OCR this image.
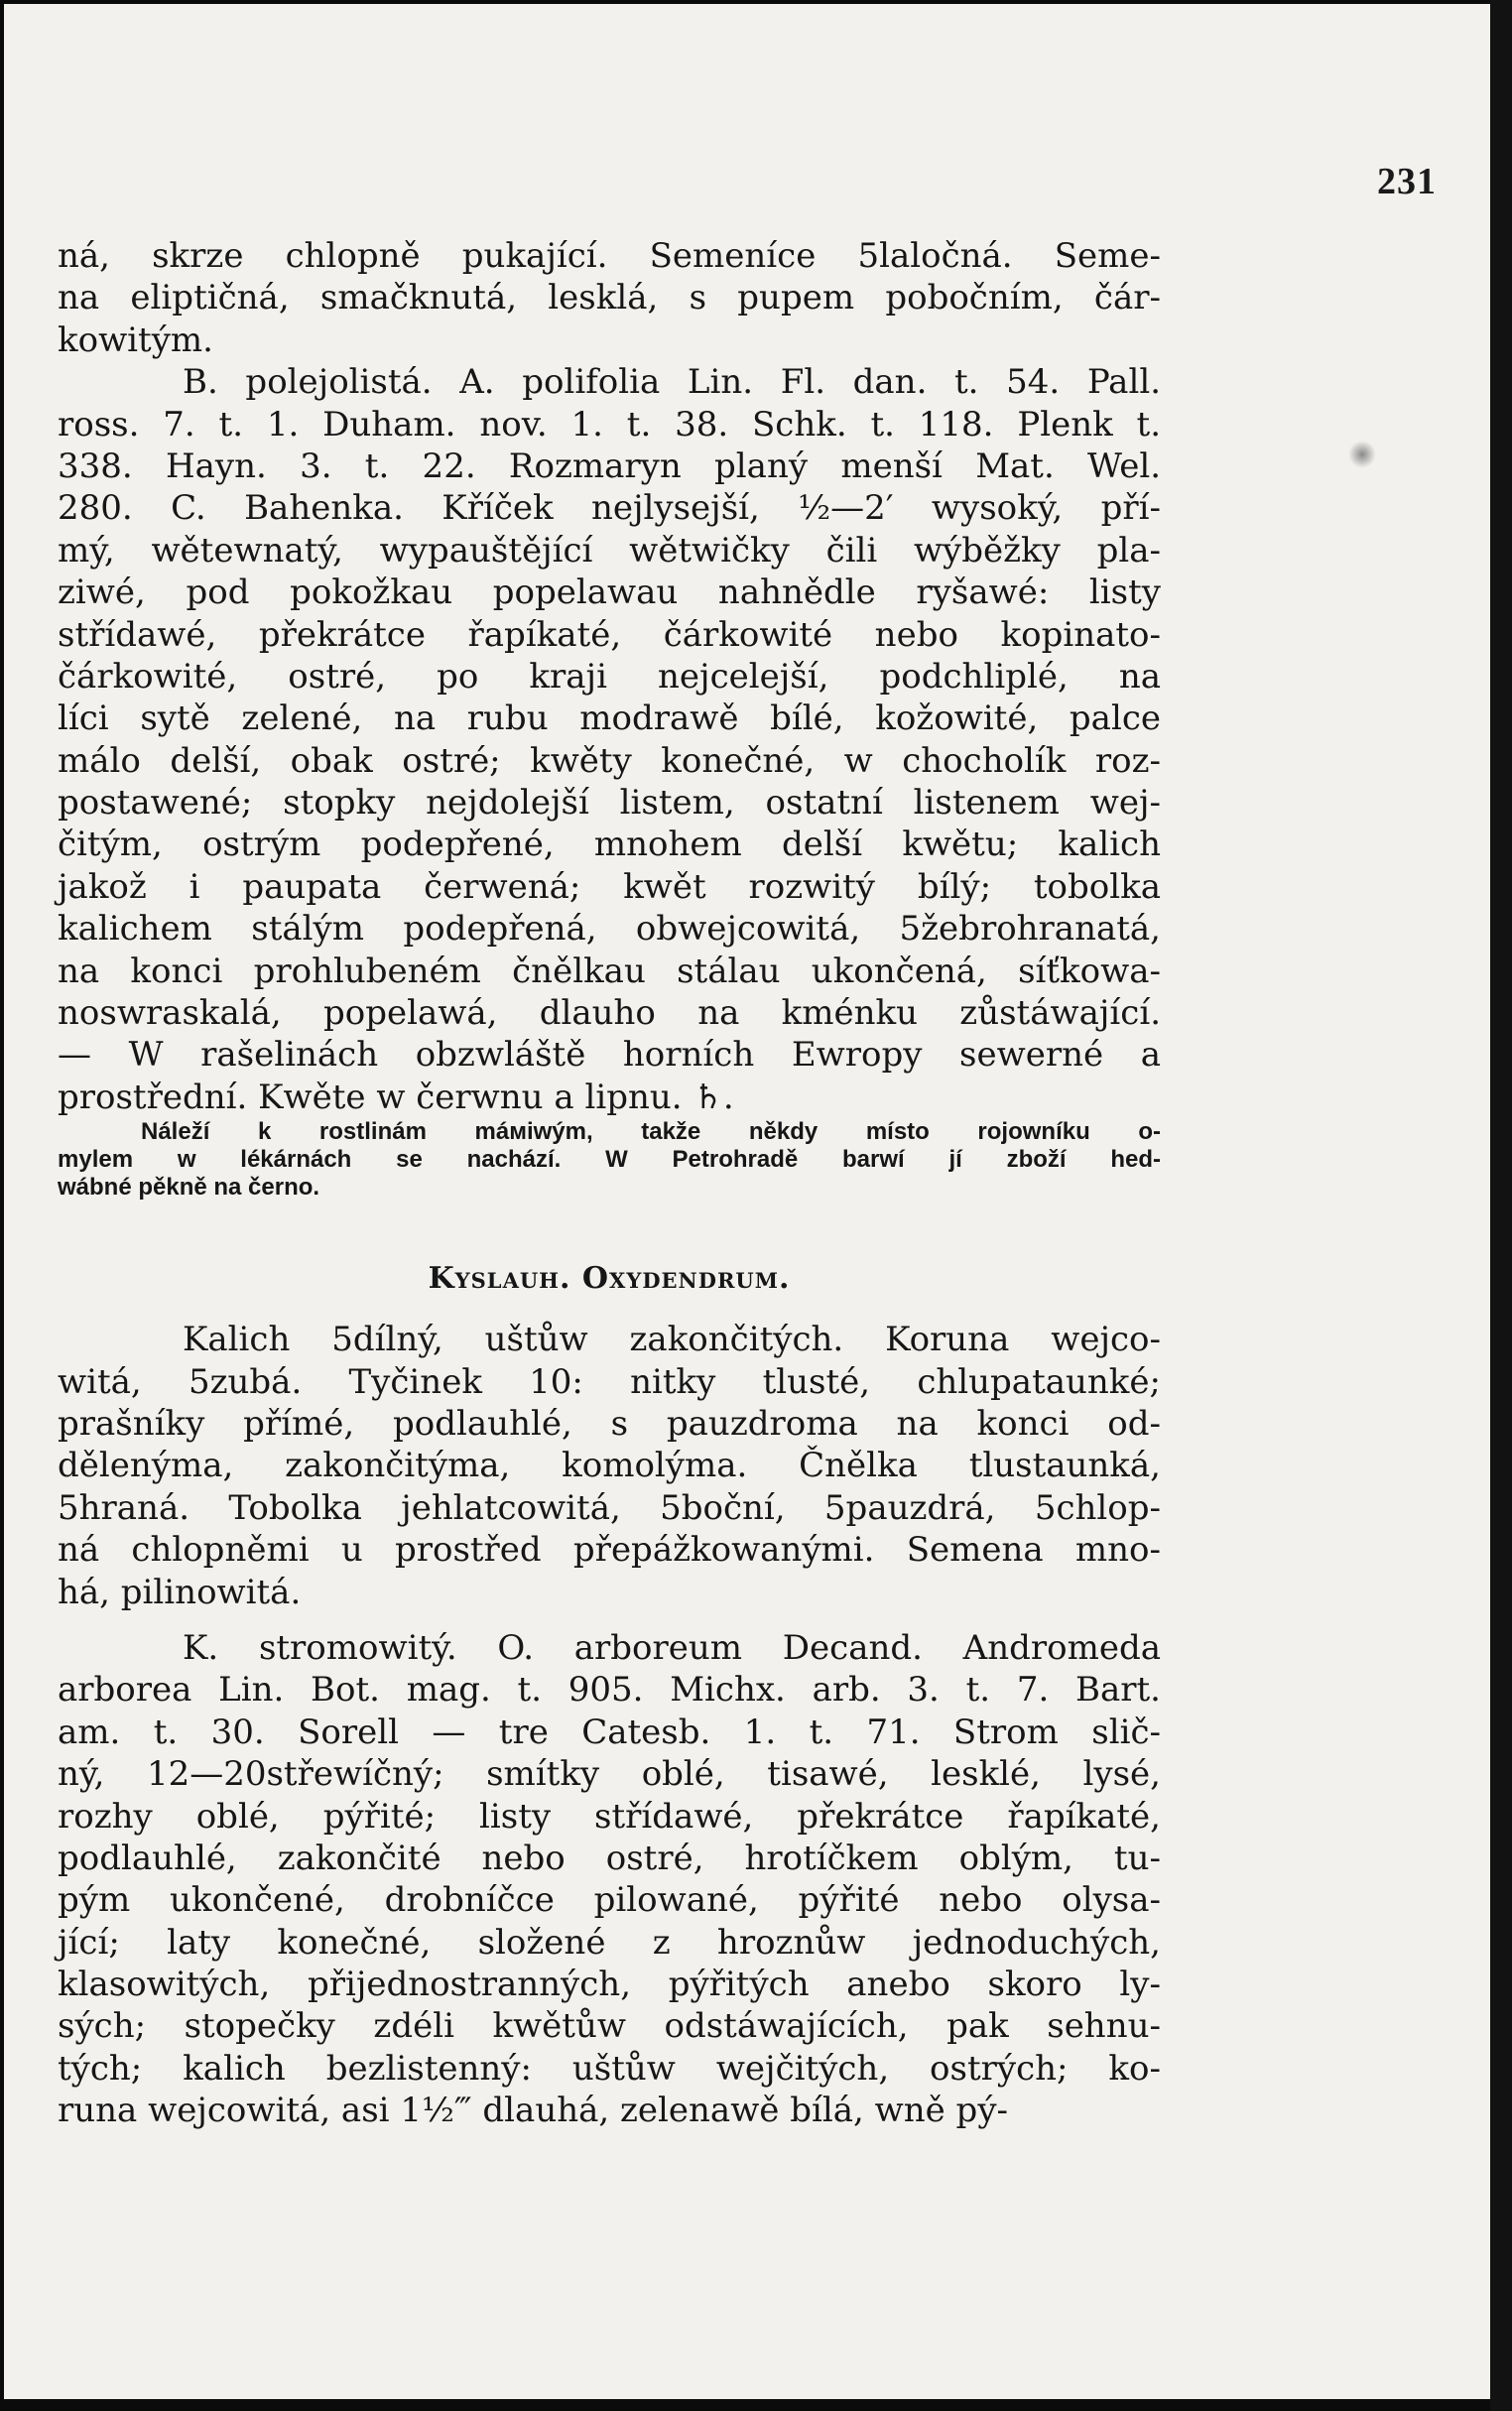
231
ná, skrze chlopně pukající. Semeníce 5laločná. Seme-
na eliptičná, smačknutá, lesklá, s pupem pobočním, čár-
kowitým.
B. polejolistá. A. polifolia Lin. Fl. dan. t. 54. Pall.
ross. 7. t. 1. Duham. nov. 1. t. 38. Schk. t. 118. Plenk t.
338. Hayn. 3. t. 22. Rozmaryn planý menší Mat. Wel.
280. C. Bahenka. Kříček nejlysejší, ½—2′ wysoký, pří-
mý, wětewnatý, wypauštějící wětwičky čili wýběžky pla-
ziwé, pod pokožkau popelawau nahnědle ryšawé: listy
střídawé, překrátce řapíkaté, čárkowité nebo kopinato-
čárkowité, ostré, po kraji nejcelejší, podchliplé, na
líci sytě zelené, na rubu modrawě bílé, kožowité, palce
málo delší, obak ostré; kwěty konečné, w chocholík roz-
postawené; stopky nejdolejší listem, ostatní listenem wej-
čitým, ostrým podepřené, mnohem delší kwětu; kalich
jakož i paupata čerwená; kwět rozwitý bílý; tobolka
kalichem stálým podepřená, obwejcowitá, 5žebrohranatá,
na konci prohlubeném čnělkau stálau ukončená, síťkowa-
noswraskalá, popelawá, dlauho na kménku zůstáwající.
— W rašelinách obzwláště horních Ewropy sewerné a
prostřední. Kwěte w čerwnu a lipnu. ♄.
Náleží k rostlinám máміwým, takže někdy místo rojowníku o-
mylem w lékárnách se nachází. W Petrohradě barwí jí zboží hed-
wábné pěkně na černo.
Kyslauh. Oxydendrum.
Kalich 5dílný, uštůw zakončitých. Koruna wejco-
witá, 5zubá. Tyčinek 10: nitky tlusté, chlupataunké;
prašníky přímé, podlauhlé, s pauzdroma na konci od-
dělenýma, zakončitýma, komolýma. Čnělka tlustaunká,
5hraná. Tobolka jehlatcowitá, 5boční, 5pauzdrá, 5chlop-
ná chlopněmi u prostřed přepážkowanými. Semena mno-
há, pilinowitá.
K. stromowitý. O. arboreum Decand. Andromeda
arborea Lin. Bot. mag. t. 905. Michx. arb. 3. t. 7. Bart.
am. t. 30. Sorell — tre Catesb. 1. t. 71. Strom slič-
ný, 12—20střewíčný; smítky oblé, tisawé, lesklé, lysé,
rozhy oblé, pýřité; listy střídawé, překrátce řapíkaté,
podlauhlé, zakončité nebo ostré, hrotíčkem oblým, tu-
pým ukončené, drobníčce pilowané, pýřité nebo olysa-
jící; laty konečné, složené z hroznůw jednoduchých,
klasowitých, přijednostranných, pýřitých anebo skoro ly-
sých; stopečky zdéli kwětůw odstáwajících, pak sehnu-
tých; kalich bezlistenný: uštůw wejčitých, ostrých; ko-
runa wejcowitá, asi 1½‴ dlauhá, zelenawě bílá, wně pý-
